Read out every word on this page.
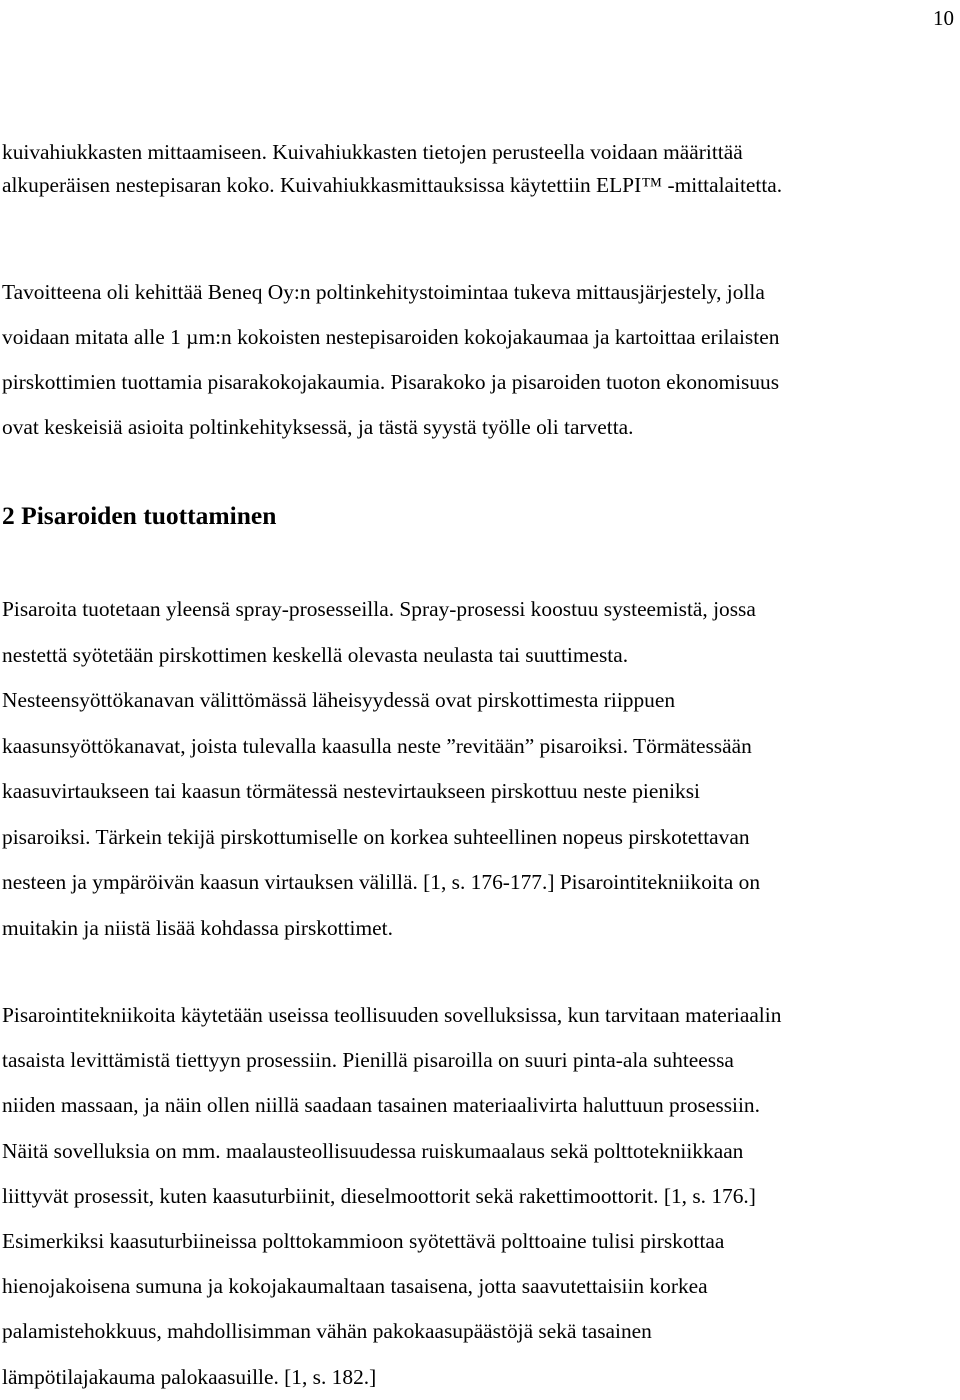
10
kuivahiukkasten mittaamiseen. Kuivahiukkasten tietojen perusteella voidaan määrittää
alkuperäisen nestepisaran koko. Kuivahiukkasmittauksissa käytettiin ELPI™ -mittalaitetta.
Tavoitteena oli kehittää Beneq Oy:n poltinkehitystoimintaa tukeva mittausjärjestely, jolla
voidaan mitata alle 1 µm:n kokoisten nestepisaroiden kokojakaumaa ja kartoittaa erilaisten
pirskottimien tuottamia pisarakokojakaumia. Pisarakoko ja pisaroiden tuoton ekonomisuus
ovat keskeisiä asioita poltinkehityksessä, ja tästä syystä työlle oli tarvetta.
2 Pisaroiden tuottaminen
Pisaroita tuotetaan yleensä spray-prosesseilla. Spray-prosessi koostuu systeemistä, jossa
nestettä syötetään pirskottimen keskellä olevasta neulasta tai suuttimesta.
Nesteensyöttökanavan välittömässä läheisyydessä ovat pirskottimesta riippuen
kaasunsyöttökanavat, joista tulevalla kaasulla neste ”revitään” pisaroiksi. Törmätessään
kaasuvirtaukseen tai kaasun törmätessä nestevirtaukseen pirskottuu neste pieniksi
pisaroiksi. Tärkein tekijä pirskottumiselle on korkea suhteellinen nopeus pirskotettavan
nesteen ja ympäröivän kaasun virtauksen välillä. [1, s. 176-177.] Pisarointitekniikoita on
muitakin ja niistä lisää kohdassa pirskottimet.
Pisarointitekniikoita käytetään useissa teollisuuden sovelluksissa, kun tarvitaan materiaalin
tasaista levittämistä tiettyyn prosessiin. Pienillä pisaroilla on suuri pinta-ala suhteessa
niiden massaan, ja näin ollen niillä saadaan tasainen materiaalivirta haluttuun prosessiin.
Näitä sovelluksia on mm. maalausteollisuudessa ruiskumaalaus sekä polttotekniikkaan
liittyvät prosessit, kuten kaasuturbiinit, dieselmoottorit sekä rakettimoottorit. [1, s. 176.]
Esimerkiksi kaasuturbiineissa polttokammioon syötettävä polttoaine tulisi pirskottaa
hienojakoisena sumuna ja kokojakaumaltaan tasaisena, jotta saavutettaisiin korkea
palamistehokkuus, mahdollisimman vähän pakokaasupäästöjä sekä tasainen
lämpötilajakauma palokaasuille. [1, s. 182.]
